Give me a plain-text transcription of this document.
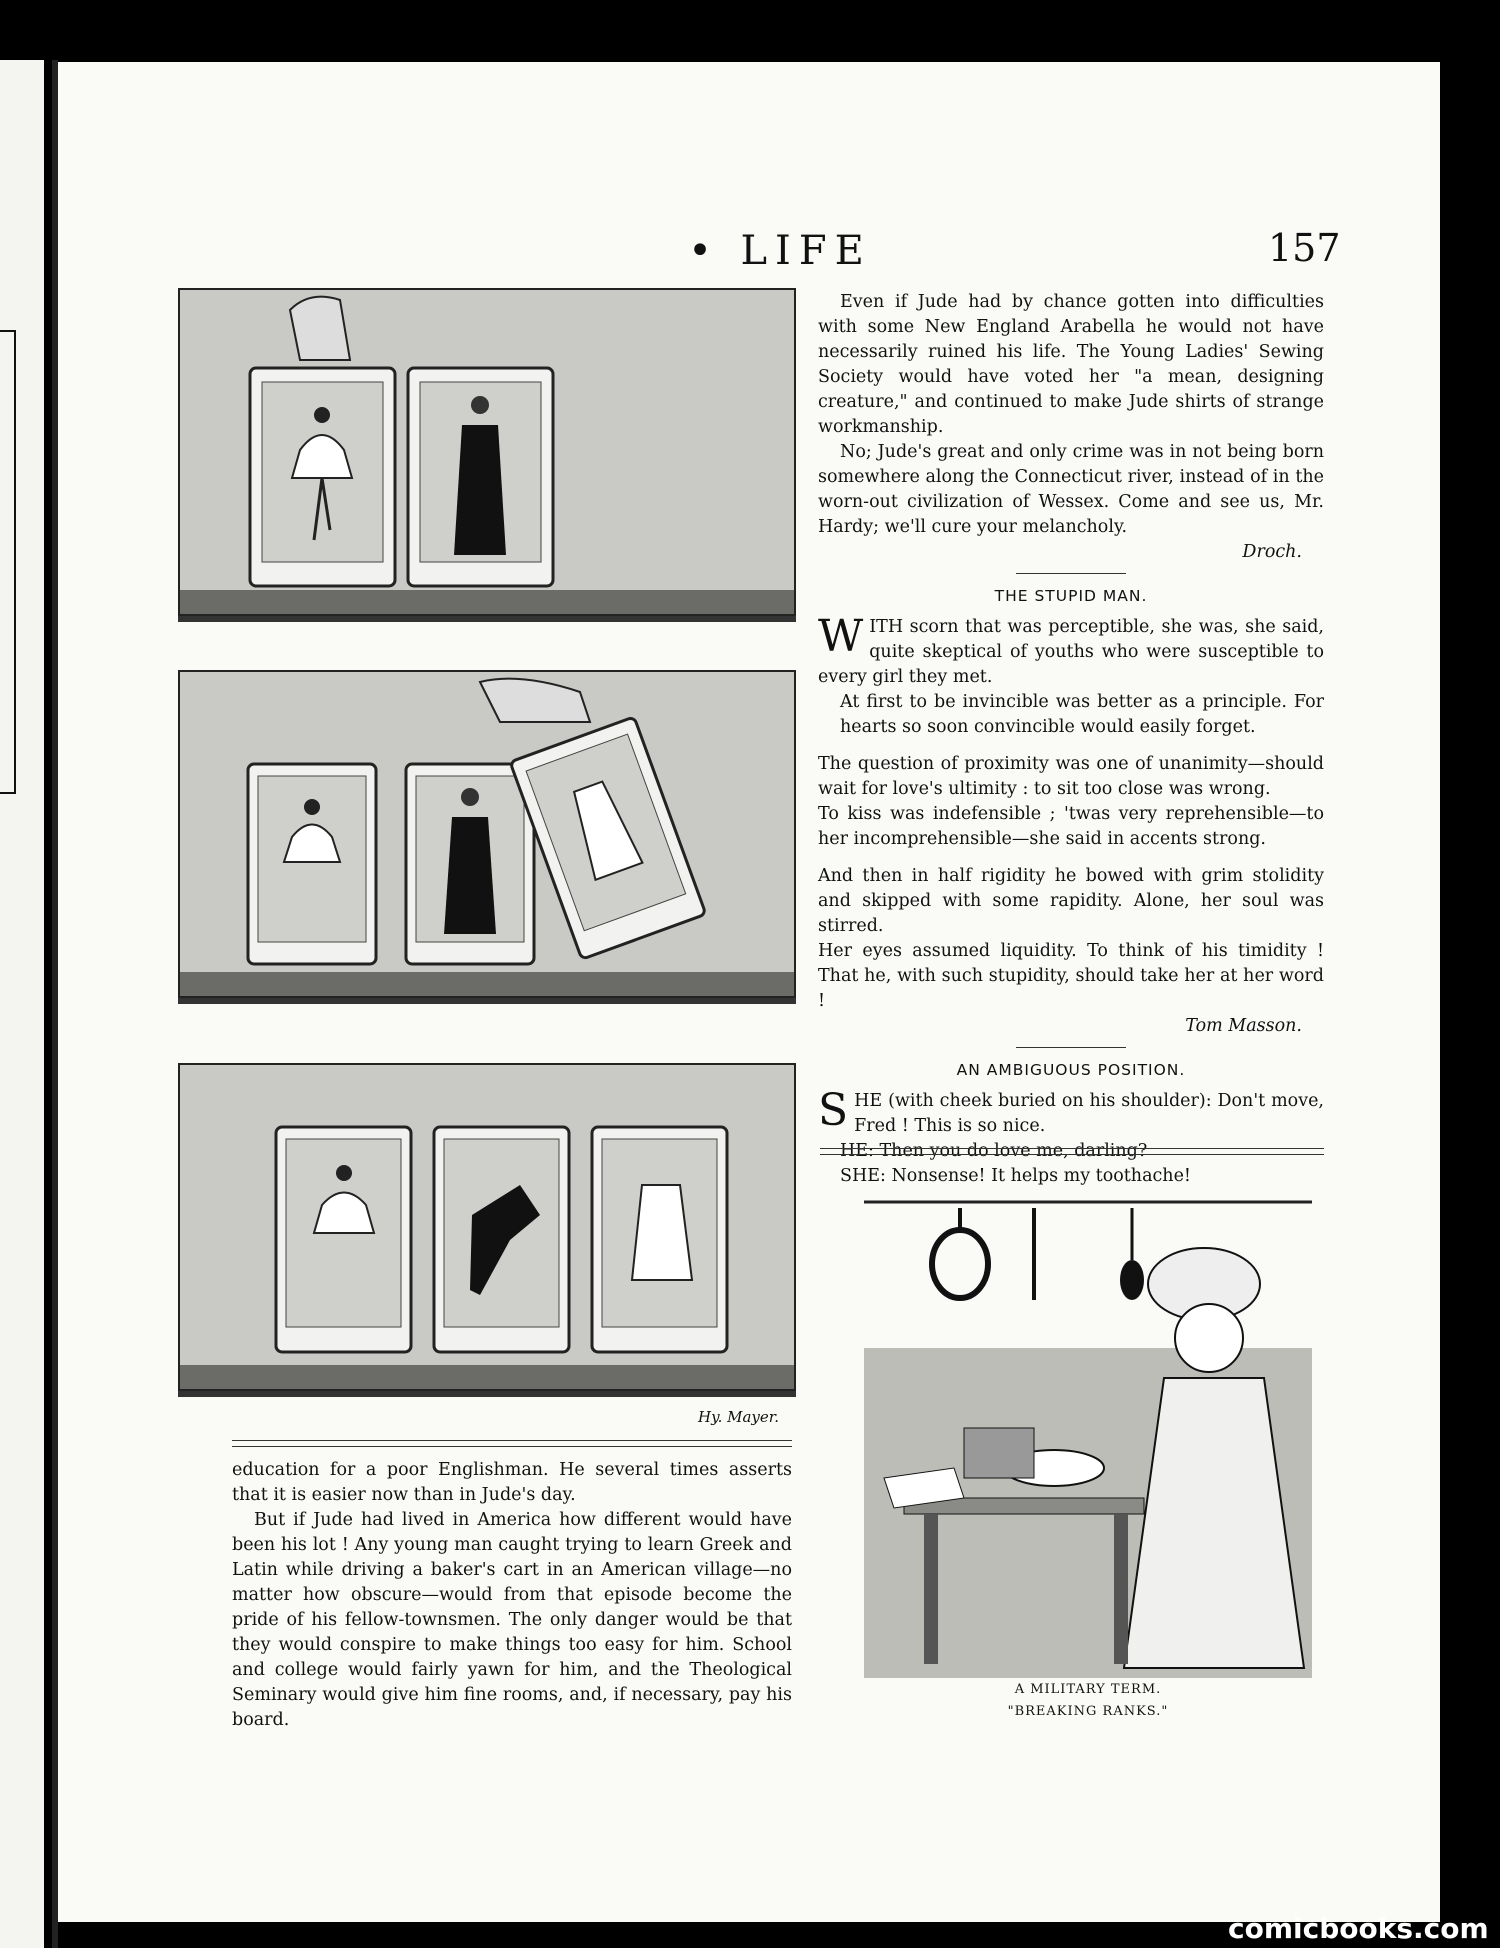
• LIFE	157
Hy. Mayer.

Even if Jude had by chance gotten into difficulties with some New England Arabella he would not have necessarily ruined his life. The Young Ladies' Sewing Society would have voted her "a mean, designing creature," and continued to make Jude shirts of strange workmanship.

No; Jude's great and only crime was in not being born somewhere along the Connecticut river, instead of in the worn-out civilization of Wessex. Come and see us, Mr. Hardy; we'll cure your melancholy.

Droch.

THE STUPID MAN.
W ITH scorn that was perceptible, she was, she said, quite skeptical of youths who were susceptible to every girl they met.

At first to be invincible was better as a principle. For hearts so soon convincible would easily forget.

The question of proximity was one of unanimity—should wait for love's ultimity : to sit too close was wrong.

To kiss was indefensible ; 'twas very reprehensible—to her incomprehensible—she said in accents strong.

And then in half rigidity he bowed with grim stolidity and skipped with some rapidity. Alone, her soul was stirred.

Her eyes assumed liquidity. To think of his timidity ! That he, with such stupidity, should take her at her word !

Tom Masson.

AN AMBIGUOUS POSITION.
S HE (with cheek buried on his shoulder): Don't move, Fred ! This is so nice.

HE: Then you do love me, darling?

SHE: Nonsense! It helps my toothache!

A MILITARY TERM.
"BREAKING RANKS."

education for a poor Englishman. He several times asserts that it is easier now than in Jude's day.

But if Jude had lived in America how different would have been his lot ! Any young man caught trying to learn Greek and Latin while driving a baker's cart in an American village—no matter how obscure—would from that episode become the pride of his fellow-townsmen. The only danger would be that they would conspire to make things too easy for him. School and college would fairly yawn for him, and the Theological Seminary would give him fine rooms, and, if necessary, pay his board.

comicbooks.com
